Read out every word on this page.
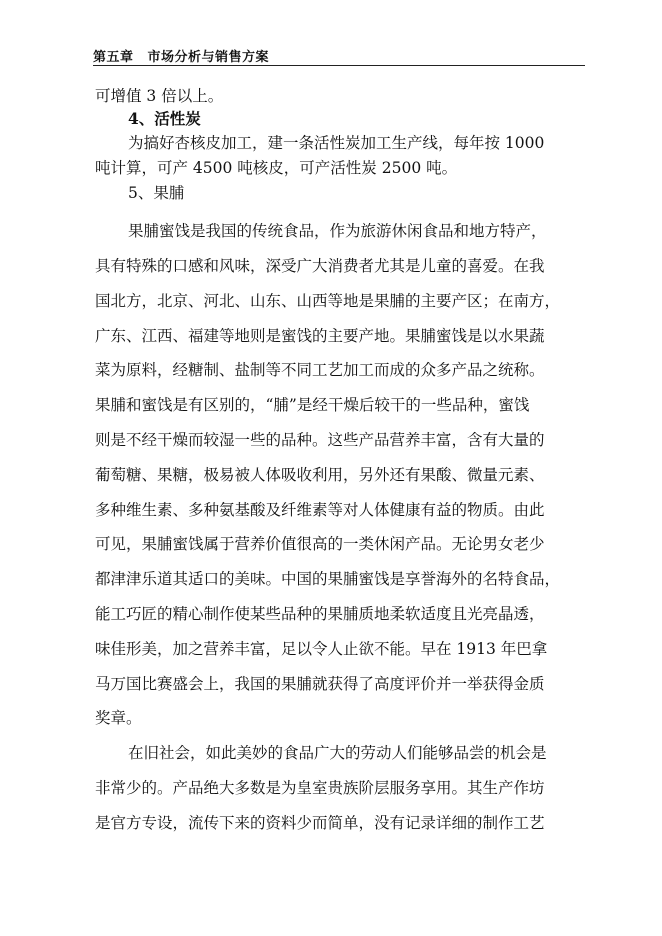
第五章 市场分析与销售方案
可增值 3 倍以上。
4、活性炭
为搞好杏核皮加工，建一条活性炭加工生产线，每年按 1000
吨计算，可产 4500 吨核皮，可产活性炭 2500 吨。
5、果脯
果脯蜜饯是我国的传统食品，作为旅游休闲食品和地方特产，
具有特殊的口感和风味，深受广大消费者尤其是儿童的喜爱。在我
国北方，北京、河北、山东、山西等地是果脯的主要产区；在南方，
广东、江西、福建等地则是蜜饯的主要产地。果脯蜜饯是以水果蔬
菜为原料，经糖制、盐制等不同工艺加工而成的众多产品之统称。
果脯和蜜饯是有区别的，“脯”是经干燥后较干的一些品种，蜜饯
则是不经干燥而较湿一些的品种。这些产品营养丰富，含有大量的
葡萄糖、果糖，极易被人体吸收利用，另外还有果酸、微量元素、
多种维生素、多种氨基酸及纤维素等对人体健康有益的物质。由此
可见，果脯蜜饯属于营养价值很高的一类休闲产品。无论男女老少
都津津乐道其适口的美味。中国的果脯蜜饯是享誉海外的名特食品，
能工巧匠的精心制作使某些品种的果脯质地柔软适度且光亮晶透，
味佳形美，加之营养丰富，足以令人止欲不能。早在 1913 年巴拿
马万国比赛盛会上，我国的果脯就获得了高度评价并一举获得金质
奖章。
在旧社会，如此美妙的食品广大的劳动人们能够品尝的机会是
非常少的。产品绝大多数是为皇室贵族阶层服务享用。其生产作坊
是官方专设，流传下来的资料少而简单，没有记录详细的制作工艺
